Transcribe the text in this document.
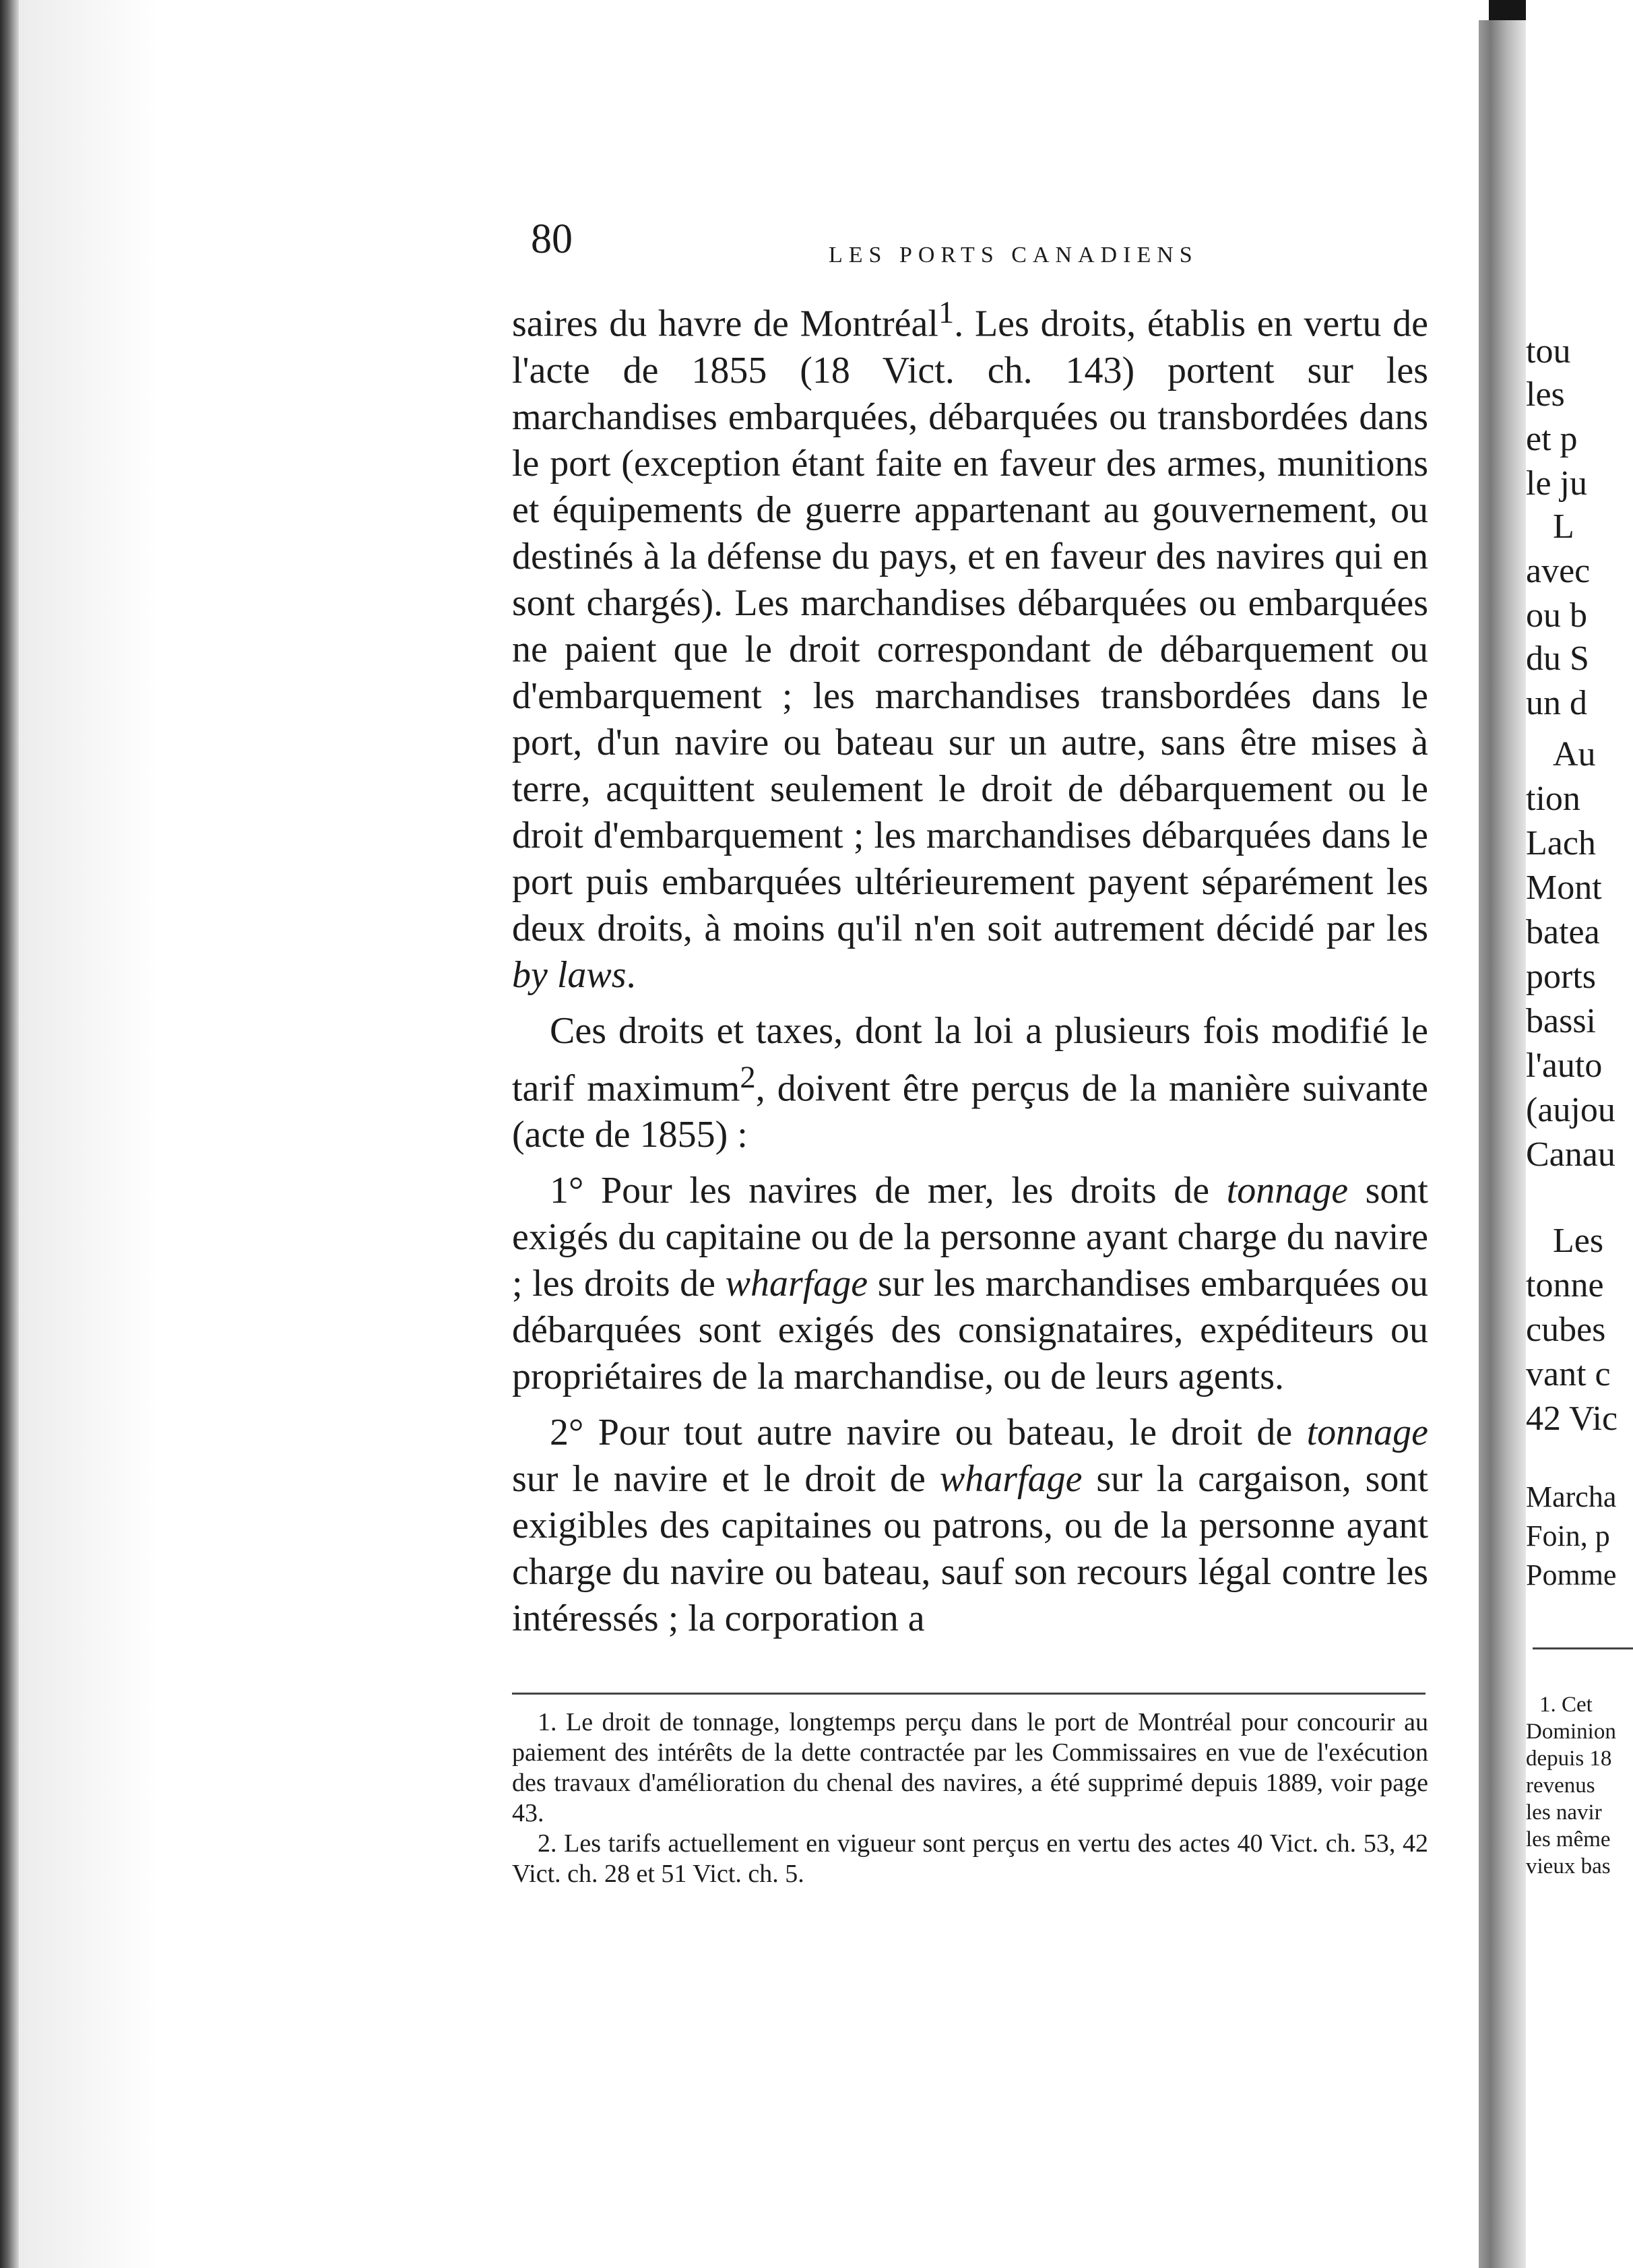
80	LES PORTS CANADIENS

saires du havre de Montréal$^1$. Les droits, établis en vertu de l'acte de 1855 (18 Vict. ch. 143) portent sur les marchandises embarquées, débarquées ou transbordées dans le port (exception étant faite en faveur des armes, munitions et équipements de guerre appartenant au gouvernement, ou destinés à la défense du pays, et en faveur des navires qui en sont chargés). Les marchandises débarquées ou embarquées ne paient que le droit correspondant de débarquement ou d'embarquement ; les marchandises transbordées dans le port, d'un navire ou bateau sur un autre, sans être mises à terre, acquittent seulement le droit de débarquement ou le droit d'embarquement ; les marchandises débarquées dans le port puis embarquées ultérieurement payent séparément les deux droits, à moins qu'il n'en soit autrement décidé par les by laws.

Ces droits et taxes, dont la loi a plusieurs fois modifié le tarif maximum$^2$, doivent être perçus de la manière suivante (acte de 1855) :

1° Pour les navires de mer, les droits de tonnage sont exigés du capitaine ou de la personne ayant charge du navire ; les droits de wharfage sur les marchandises embarquées ou débarquées sont exigés des consignataires, expéditeurs ou propriétaires de la marchandise, ou de leurs agents.

2° Pour tout autre navire ou bateau, le droit de tonnage sur le navire et le droit de wharfage sur la cargaison, sont exigibles des capitaines ou patrons, ou de la personne ayant charge du navire ou bateau, sauf son recours légal contre les intéressés ; la corporation a

1. Le droit de tonnage, longtemps perçu dans le port de Montréal pour concourir au paiement des intérêts de la dette contractée par les Commissaires en vue de l'exécution des travaux d'amélioration du chenal des navires, a été supprimé depuis 1889, voir page 43.

2. Les tarifs actuellement en vigueur sont perçus en vertu des actes 40 Vict. ch. 53, 42 Vict. ch. 28 et 51 Vict. ch. 5.

tou
les
et p
le ju
L
avec
ou b
du S
un d
Au
tion
Lach
Mont
batea
ports
bassi
l'auto
(aujou
Canau
Les
tonne
cubes
vant c
42 Vic
Marcha
Foin, p
Pomme
1. Cet
Dominion
depuis 18
revenus
les navir
les même
vieux bas
